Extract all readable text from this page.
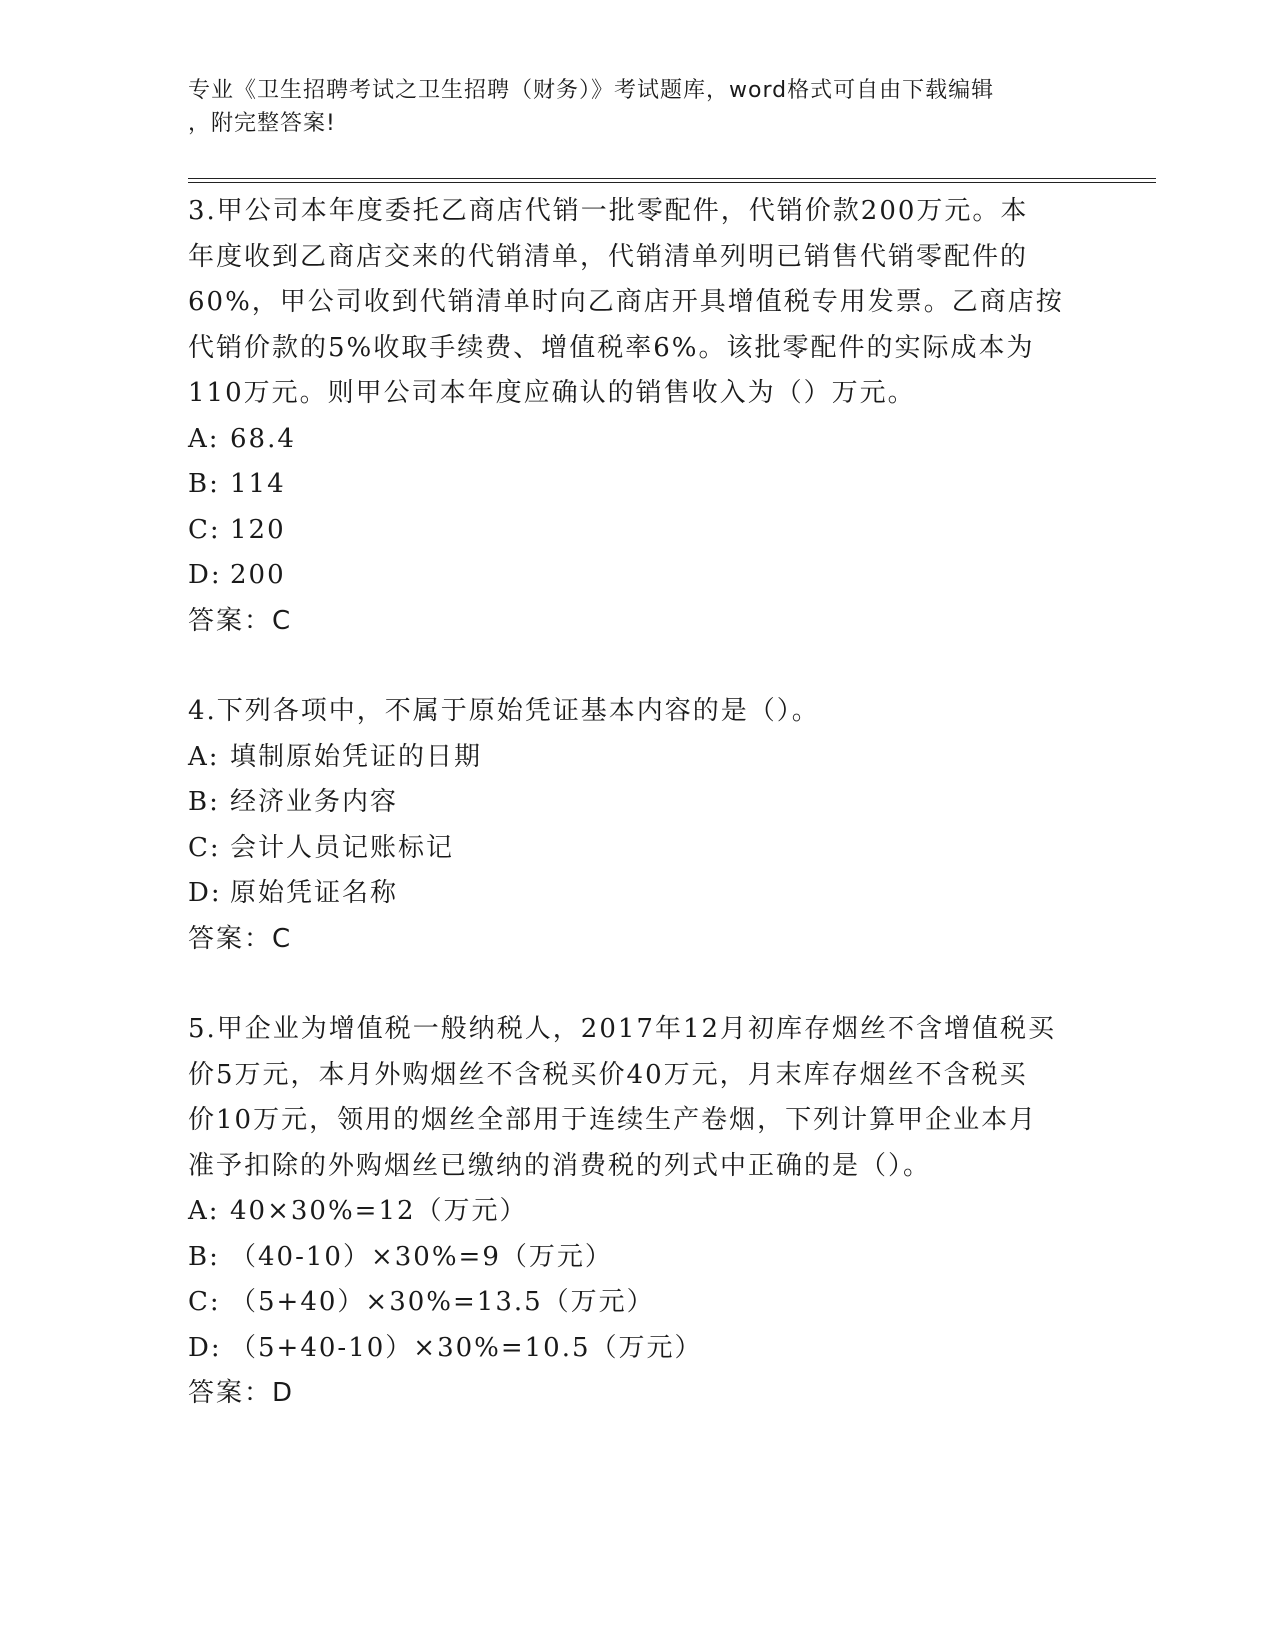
专业《卫生招聘考试之卫生招聘（财务）》考试题库，word格式可自由下载编辑
，附完整答案!

3.甲公司本年度委托乙商店代销一批零配件，代销价款200万元。本

年度收到乙商店交来的代销清单，代销清单列明已销售代销零配件的

60%，甲公司收到代销清单时向乙商店开具增值税专用发票。乙商店按

代销价款的5%收取手续费、增值税率6%。该批零配件的实际成本为

110万元。则甲公司本年度应确认的销售收入为（）万元。

A: 68.4

B: 114

C: 120

D: 200

答案：C

4.下列各项中，不属于原始凭证基本内容的是（）。

A: 填制原始凭证的日期

B: 经济业务内容

C: 会计人员记账标记

D: 原始凭证名称

答案：C

5.甲企业为增值税一般纳税人，2017年12月初库存烟丝不含增值税买

价5万元，本月外购烟丝不含税买价40万元，月末库存烟丝不含税买

价10万元，领用的烟丝全部用于连续生产卷烟，下列计算甲企业本月

准予扣除的外购烟丝已缴纳的消费税的列式中正确的是（）。

A: 40×30%=12（万元）

B: （40-10）×30%=9（万元）

C: （5+40）×30%=13.5（万元）

D: （5+40-10）×30%=10.5（万元）

答案：D
